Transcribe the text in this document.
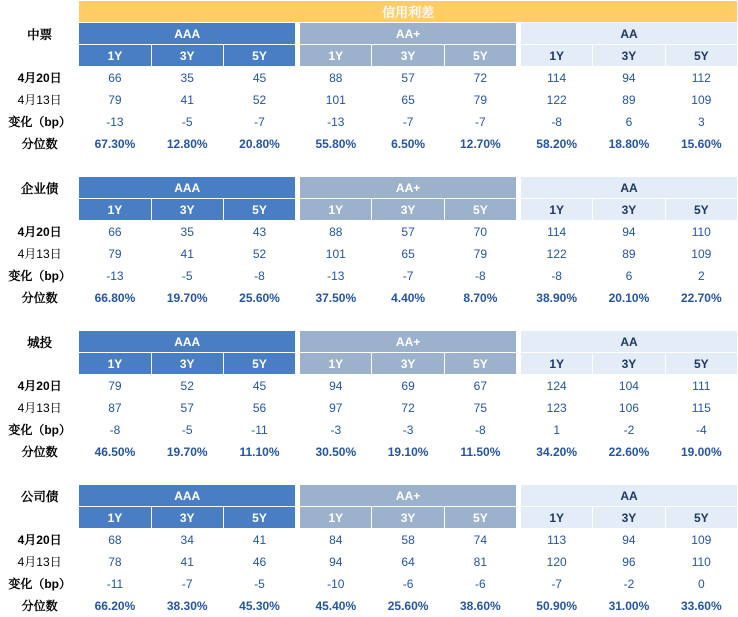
	信用利差										
中票	AAA				AA+				AA		
	1Y	3Y	5Y		1Y	3Y	5Y		1Y	3Y	5Y
4月20日	66	35	45		88	57	72		114	94	112
4月13日	79	41	52		101	65	79		122	89	109
变化（bp）	-13	-5	-7		-13	-7	-7		-8	6	3
分位数	67.30%	12.80%	20.80%		55.80%	6.50%	12.70%		58.20%	18.80%	15.60%

企业债	AAA				AA+				AA		
	1Y	3Y	5Y		1Y	3Y	5Y		1Y	3Y	5Y
4月20日	66	35	43		88	57	70		114	94	110
4月13日	79	41	52		101	65	79		122	89	109
变化（bp）	-13	-5	-8		-13	-7	-8		-8	6	2
分位数	66.80%	19.70%	25.60%		37.50%	4.40%	8.70%		38.90%	20.10%	22.70%

城投	AAA				AA+				AA		
	1Y	3Y	5Y		1Y	3Y	5Y		1Y	3Y	5Y
4月20日	79	52	45		94	69	67		124	104	111
4月13日	87	57	56		97	72	75		123	106	115
变化（bp）	-8	-5	-11		-3	-3	-8		1	-2	-4
分位数	46.50%	19.70%	11.10%		30.50%	19.10%	11.50%		34.20%	22.60%	19.00%

公司债	AAA				AA+				AA		
	1Y	3Y	5Y		1Y	3Y	5Y		1Y	3Y	5Y
4月20日	68	34	41		84	58	74		113	94	109
4月13日	78	41	46		94	64	81		120	96	110
变化（bp）	-11	-7	-5		-10	-6	-6		-7	-2	0
分位数	66.20%	38.30%	45.30%		45.40%	25.60%	38.60%		50.90%	31.00%	33.60%
